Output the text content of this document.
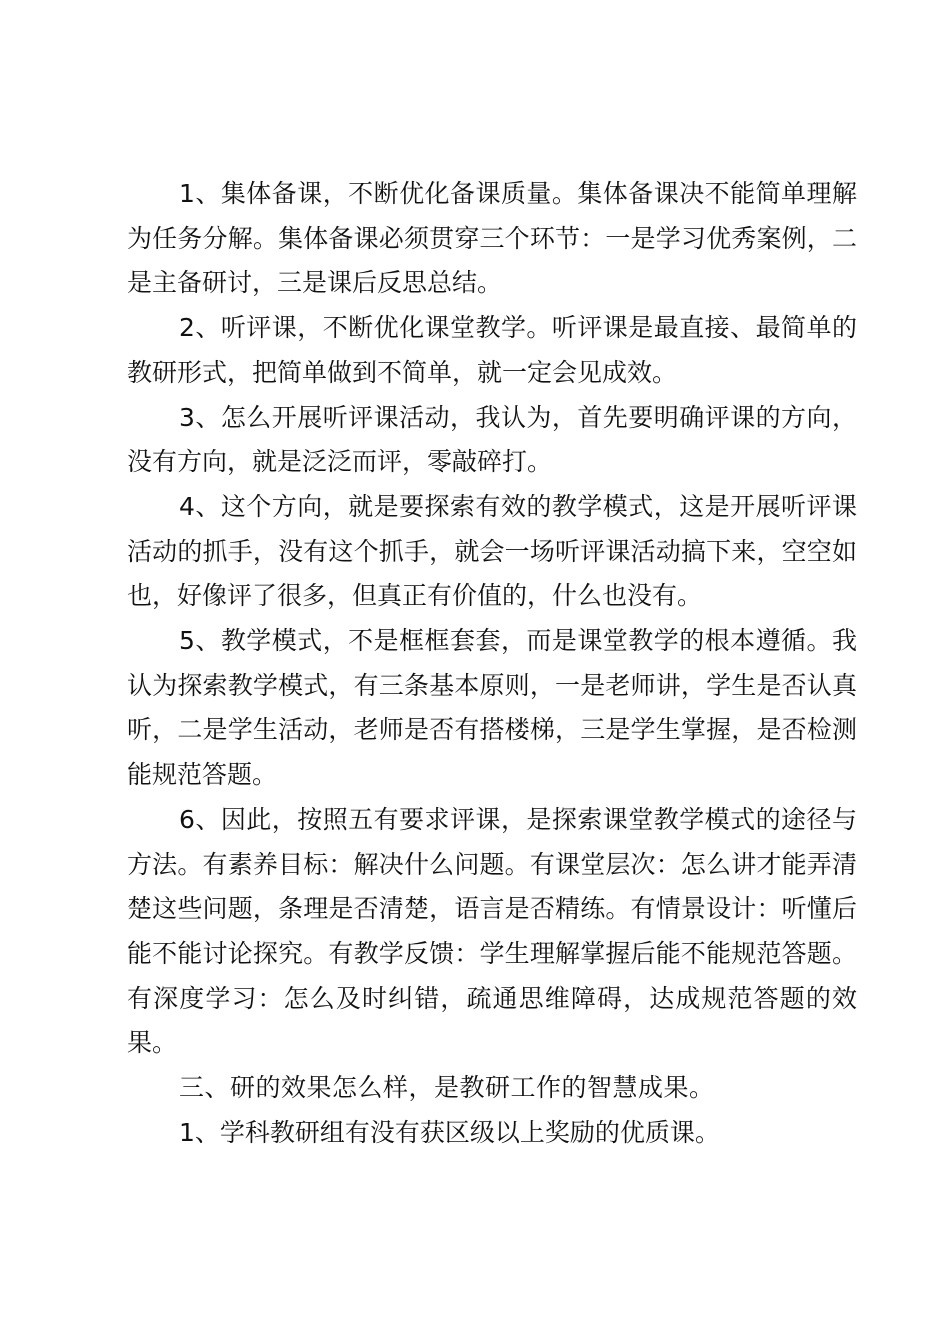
1、集体备课，不断优化备课质量。集体备课决不能简单理解为任务分解。集体备课必须贯穿三个环节：一是学习优秀案例，二是主备研讨，三是课后反思总结。

2、听评课，不断优化课堂教学。听评课是最直接、最简单的教研形式，把简单做到不简单，就一定会见成效。

3、怎么开展听评课活动，我认为，首先要明确评课的方向，没有方向，就是泛泛而评，零敲碎打。

4、这个方向，就是要探索有效的教学模式，这是开展听评课活动的抓手，没有这个抓手，就会一场听评课活动搞下来，空空如也，好像评了很多，但真正有价值的，什么也没有。

5、教学模式，不是框框套套，而是课堂教学的根本遵循。我认为探索教学模式，有三条基本原则，一是老师讲，学生是否认真听，二是学生活动，老师是否有搭楼梯，三是学生掌握，是否检测能规范答题。

6、因此，按照五有要求评课，是探索课堂教学模式的途径与方法。有素养目标：解决什么问题。有课堂层次：怎么讲才能弄清楚这些问题，条理是否清楚，语言是否精练。有情景设计：听懂后能不能讨论探究。有教学反馈：学生理解掌握后能不能规范答题。有深度学习：怎么及时纠错，疏通思维障碍，达成规范答题的效果。

三、研的效果怎么样，是教研工作的智慧成果。

1、学科教研组有没有获区级以上奖励的优质课。
